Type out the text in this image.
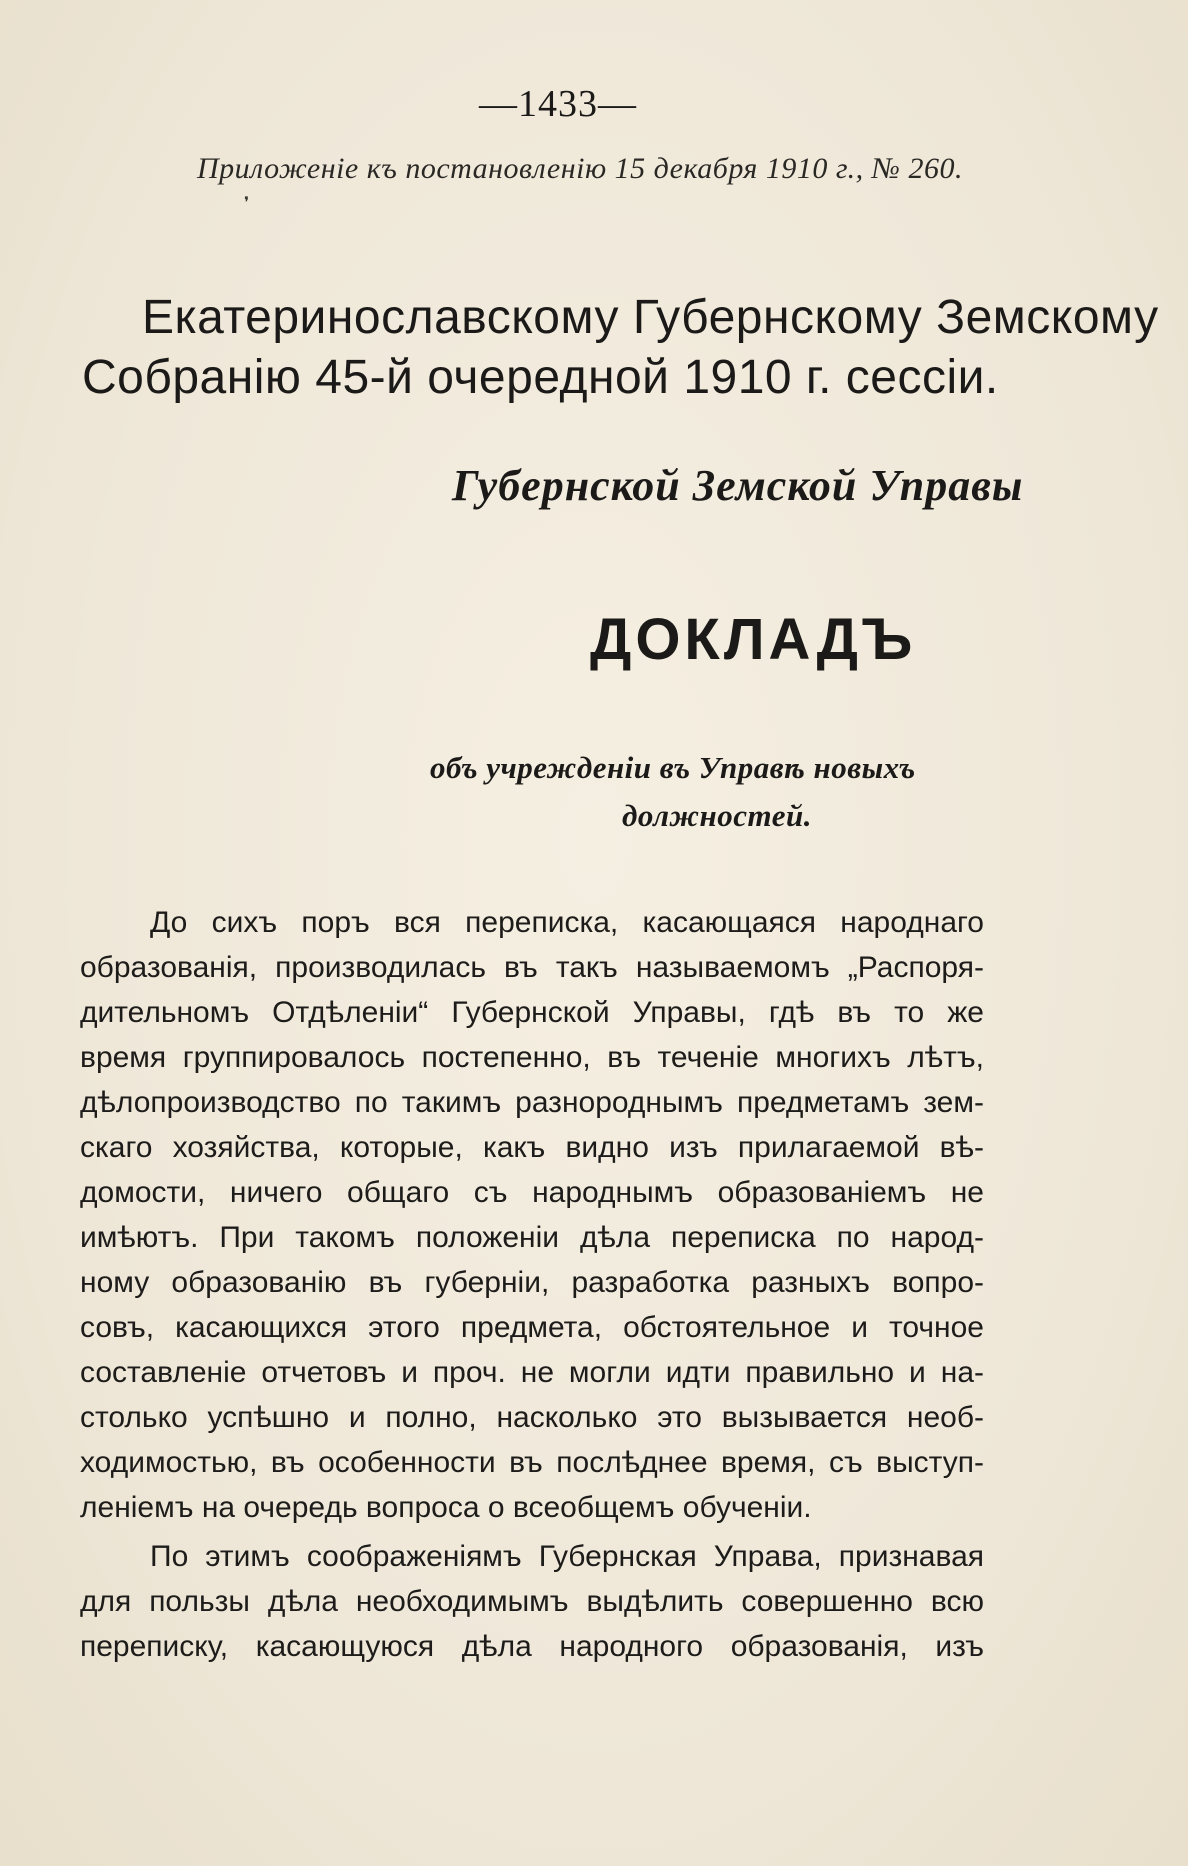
—1433—
Приложеніе къ постановленію 15 декабря 1910 г., № 260.
❜
Екатеринославскому Губернскому Земскому
Собранію 45-й очередной 1910 г. сессіи.
Губернской Земской Управы
ДОКЛАДЪ
объ учрежденіи въ Управѣ новыхъ
должностей.
До сихъ поръ вся переписка, касающаяся народнаго
образованія, производилась въ такъ называемомъ „Распоря-
дительномъ Отдѣленіи“ Губернской Управы, гдѣ въ то же
время группировалось постепенно, въ теченіе многихъ лѣтъ,
дѣлопроизводство по такимъ разнороднымъ предметамъ зем-
скаго хозяйства, которые, какъ видно изъ прилагаемой вѣ-
домости, ничего общаго съ народнымъ образованіемъ не
имѣютъ. При такомъ положеніи дѣла переписка по народ-
ному образованію въ губерніи, разработка разныхъ вопро-
совъ, касающихся этого предмета, обстоятельное и точное
составленіе отчетовъ и проч. не могли идти правильно и на-
столько успѣшно и полно, насколько это вызывается необ-
ходимостью, въ особенности въ послѣднее время, съ выступ-
леніемъ на очередь вопроса о всеобщемъ обученіи.
По этимъ соображеніямъ Губернская Управа, признавая
для пользы дѣла необходимымъ выдѣлить совершенно всю
переписку, касающуюся дѣла народного образованія, изъ
